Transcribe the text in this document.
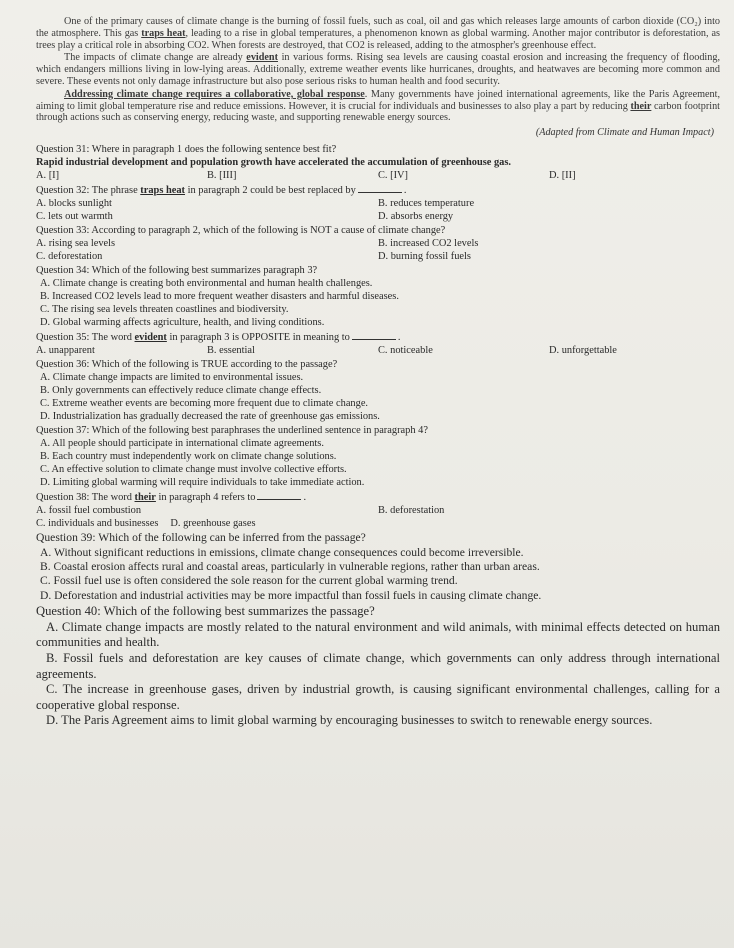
One of the primary causes of climate change is the burning of fossil fuels, such as coal, oil and gas which releases large amounts of carbon dioxide (CO₂) into the atmosphere. This gas traps heat, leading to a rise in global temperatures, a phenomenon known as global warming. Another major contributor is deforestation, as trees play a critical role in absorbing CO2. When forests are destroyed, that CO2 is released, adding to the atmospher's greenhouse effect.

The impacts of climate change are already evident in various forms. Rising sea levels are causing coastal erosion and increasing the frequency of flooding, which endangers millions living in low-lying areas. Additionally, extreme weather events like hurricanes, droughts, and heatwaves are becoming more common and severe. These events not only damage infrastructure but also pose serious risks to human health and food security.

Addressing climate change requires a collaborative, global response. Many governments have joined international agreements, like the Paris Agreement, aiming to limit global temperature rise and reduce emissions. However, it is crucial for individuals and businesses to also play a part by reducing their carbon footprint through actions such as conserving energy, reducing waste, and supporting renewable energy sources.

(Adapted from Climate and Human Impact)
Question 31: Where in paragraph 1 does the following sentence best fit?
Rapid industrial development and population growth have accelerated the accumulation of greenhouse gas.
A. [I]	B. [III]	C. [IV]	D. [II]
Question 32: The phrase traps heat in paragraph 2 could be best replaced by	.
A. blocks sunlight	B. reduces temperature
C. lets out warmth	D. absorbs energy
Question 33: According to paragraph 2, which of the following is NOT a cause of climate change?
A. rising sea levels	B. increased CO2 levels
C. deforestation	D. burning fossil fuels
Question 34: Which of the following best summarizes paragraph 3?
A. Climate change is creating both environmental and human health challenges.
B. Increased CO2 levels lead to more frequent weather disasters and harmful diseases.
C. The rising sea levels threaten coastlines and biodiversity.
D. Global warming affects agriculture, health, and living conditions.
Question 35: The word evident in paragraph 3 is OPPOSITE in meaning to	.
A. unapparent	B. essential	C. noticeable	D. unforgettable
Question 36: Which of the following is TRUE according to the passage?
A. Climate change impacts are limited to environmental issues.
B. Only governments can effectively reduce climate change effects.
C. Extreme weather events are becoming more frequent due to climate change.
D. Industrialization has gradually decreased the rate of greenhouse gas emissions.
Question 37: Which of the following best paraphrases the underlined sentence in paragraph 4?
A. All people should participate in international climate agreements.
B. Each country must independently work on climate change solutions.
C. An effective solution to climate change must involve collective efforts.
D. Limiting global warming will require individuals to take immediate action.
Question 38: The word their in paragraph 4 refers to	.
A. fossil fuel combustion	B. deforestation
C. individuals and businesses D. greenhouse gases
Question 39: Which of the following can be inferred from the passage?
A. Without significant reductions in emissions, climate change consequences could become irreversible.
B. Coastal erosion affects rural and coastal areas, particularly in vulnerable regions, rather than urban areas.
C. Fossil fuel use is often considered the sole reason for the current global warming trend.
D. Deforestation and industrial activities may be more impactful than fossil fuels in causing climate change.
Question 40: Which of the following best summarizes the passage?
A. Climate change impacts are mostly related to the natural environment and wild animals, with minimal effects detected on human communities and health.
B. Fossil fuels and deforestation are key causes of climate change, which governments can only address through international agreements.
C. The increase in greenhouse gases, driven by industrial growth, is causing significant environmental challenges, calling for a cooperative global response.
D. The Paris Agreement aims to limit global warming by encouraging businesses to switch to renewable energy sources.
